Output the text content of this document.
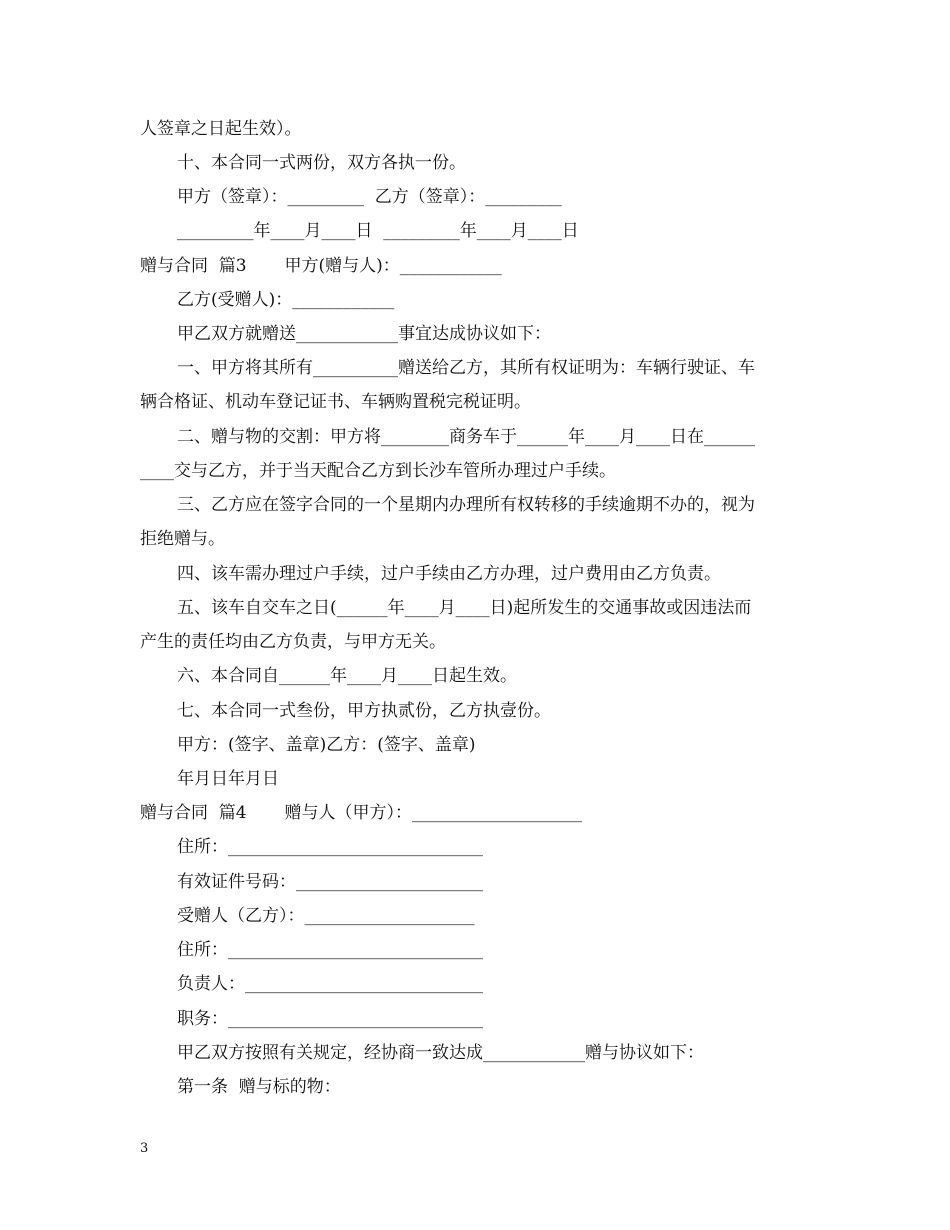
人签章之日起生效）。
十、本合同一式两份，双方各执一份。
甲方（签章）：_________  乙方（签章）：_________
_________年____月____日  _________年____月____日
赠与合同  篇3       甲方(赠与人)：____________
乙方(受赠人)：____________
甲乙双方就赠送____________事宜达成协议如下：
一、甲方将其所有__________赠送给乙方，其所有权证明为：车辆行驶证、车
辆合格证、机动车登记证书、车辆购置税完税证明。
二、赠与物的交割：甲方将________商务车于______年____月____日在______
____交与乙方，并于当天配合乙方到长沙车管所办理过户手续。
三、乙方应在签字合同的一个星期内办理所有权转移的手续逾期不办的，视为
拒绝赠与。
四、该车需办理过户手续，过户手续由乙方办理，过户费用由乙方负责。
五、该车自交车之日(______年____月____日)起所发生的交通事故或因违法而
产生的责任均由乙方负责，与甲方无关。
六、本合同自______年____月____日起生效。
七、本合同一式叁份，甲方执贰份，乙方执壹份。
甲方：(签字、盖章)乙方：(签字、盖章)
年月日年月日
赠与合同  篇4       赠与人（甲方）：____________________
住所：______________________________
有效证件号码：______________________
受赠人（乙方）：____________________
住所：______________________________
负责人：____________________________
职务：______________________________
甲乙双方按照有关规定，经协商一致达成____________赠与协议如下：
第一条  赠与标的物：
3
